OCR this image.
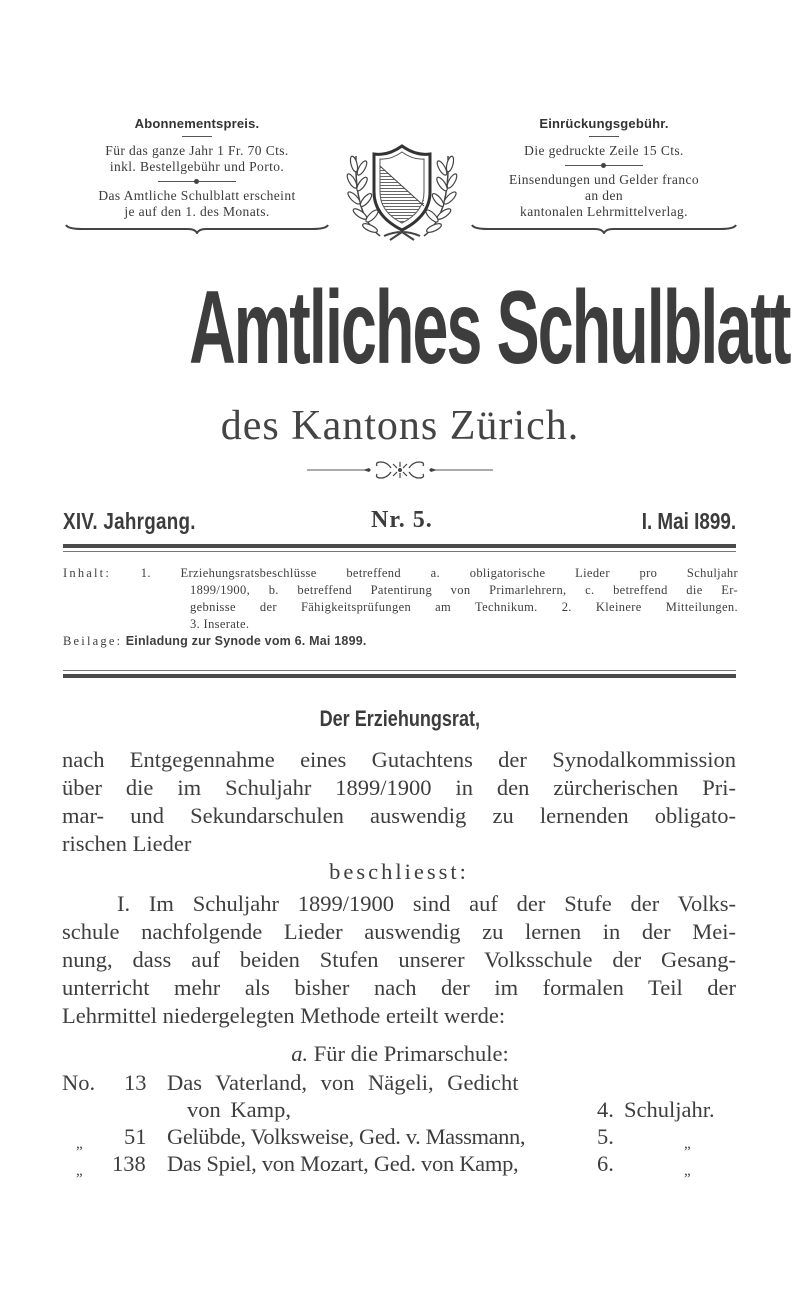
Abonnementspreis.
Für das ganze Jahr 1 Fr. 70 Cts.
inkl. Bestellgebühr und Porto.
Das Amtliche Schulblatt erscheint
je auf den 1. des Monats.
Einrückungsgebühr.
Die gedruckte Zeile 15 Cts.
Einsendungen und Gelder franco
an den
kantonalen Lehrmittelverlag.
Amtliches Schulblatt
des Kantons Zürich.
XIV. Jahrgang.	Nr. 5.	I. Mai I899.
Inhalt: 1. Erziehungsratsbeschlüsse betreffend a. obligatorische Lieder pro Schuljahr
1899/1900, b. betreffend Patentirung von Primarlehrern, c. betreffend die Er-
gebnisse der Fähigkeitsprüfungen am Technikum. 2. Kleinere Mitteilungen.
3. Inserate.
Beilage: Einladung zur Synode vom 6. Mai 1899.
Der Erziehungsrat,
nach Entgegennahme eines Gutachtens der Synodalkommission
über die im Schuljahr 1899/1900 in den zürcherischen Pri-
mar- und Sekundarschulen auswendig zu lernenden obligato-
rischen Lieder
beschliesst:
I. Im Schuljahr 1899/1900 sind auf der Stufe der Volks-
schule nachfolgende Lieder auswendig zu lernen in der Mei-
nung, dass auf beiden Stufen unserer Volksschule der Gesang-
unterricht mehr als bisher nach der im formalen Teil der
Lehrmittel niedergelegten Methode erteilt werde:
a. Für die Primarschule:
No. 13 Das Vaterland, von Nägeli, Gedicht
von Kamp,	4. Schuljahr.
„ 51 Gelübde, Volksweise, Ged. v. Massmann,	5.	„
„ 138 Das Spiel, von Mozart, Ged. von Kamp,	6.	„
